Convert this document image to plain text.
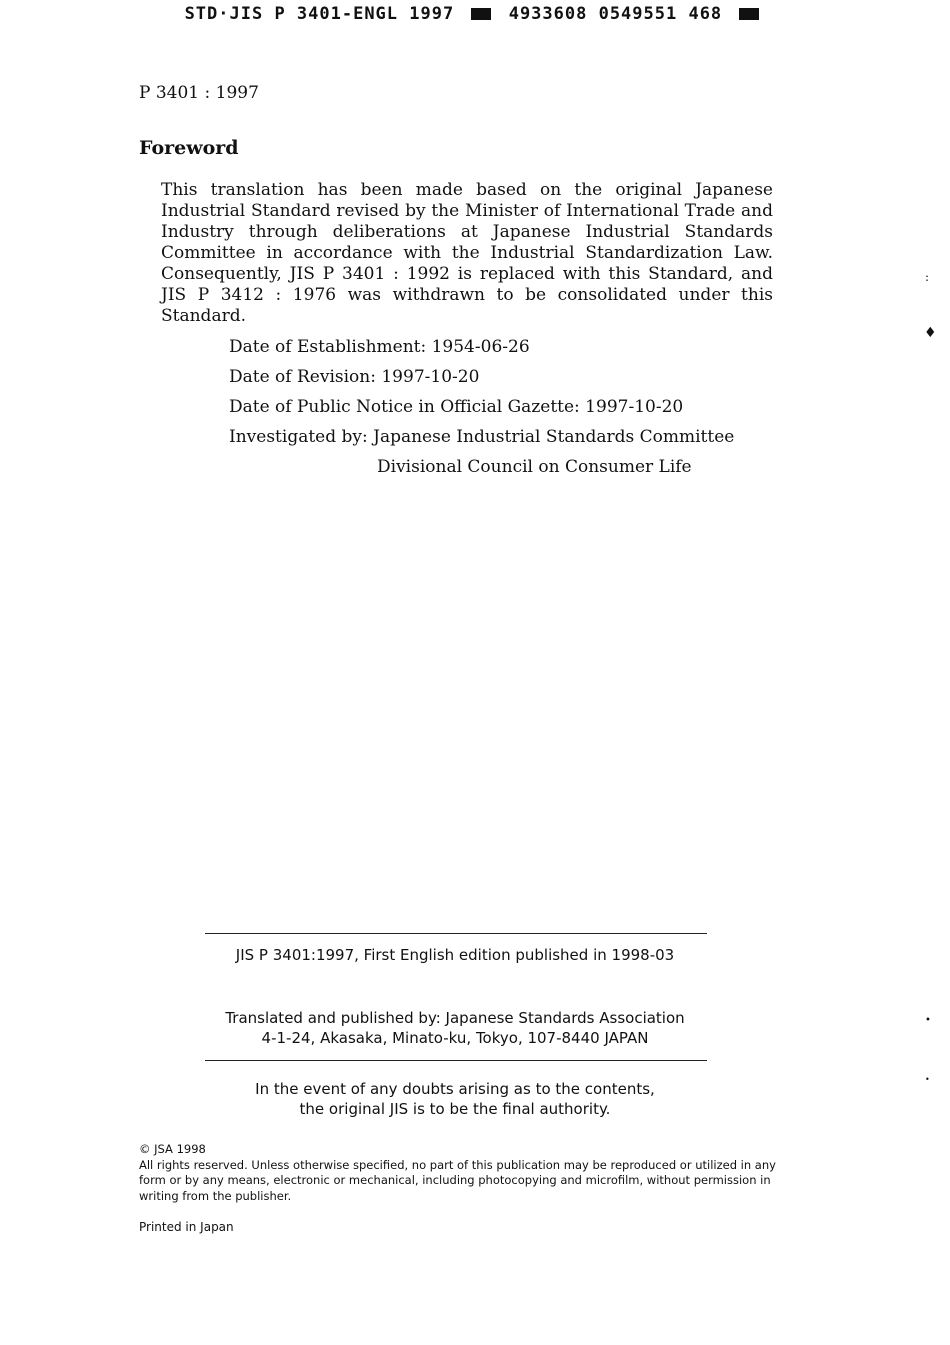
STD·JIS P 3401-ENGL 1997	4933608 0549551 468
P 3401 : 1997
Foreword
This translation has been made based on the original Japanese Industrial Standard revised by the Minister of International Trade and Industry through deliberations at Japanese Industrial Standards Committee in accordance with the Industrial Standardization Law. Consequently, JIS P 3401 : 1992 is replaced with this Standard, and JIS P 3412 : 1976 was withdrawn to be consolidated under this Standard.
Date of Establishment: 1954-06-26
Date of Revision: 1997-10-20
Date of Public Notice in Official Gazette: 1997-10-20
Investigated by: Japanese Industrial Standards Committee
Divisional Council on Consumer Life
JIS P 3401:1997, First English edition published in 1998-03
Translated and published by: Japanese Standards Association
4-1-24, Akasaka, Minato-ku, Tokyo, 107-8440 JAPAN
In the event of any doubts arising as to the contents,
the original JIS is to be the final authority.
© JSA 1998
All rights reserved. Unless otherwise specified, no part of this publication may be reproduced or utilized in any form or by any means, electronic or mechanical, including photocopying and microfilm, without permission in writing from the publisher.
Printed in Japan
:
♦
•
•
